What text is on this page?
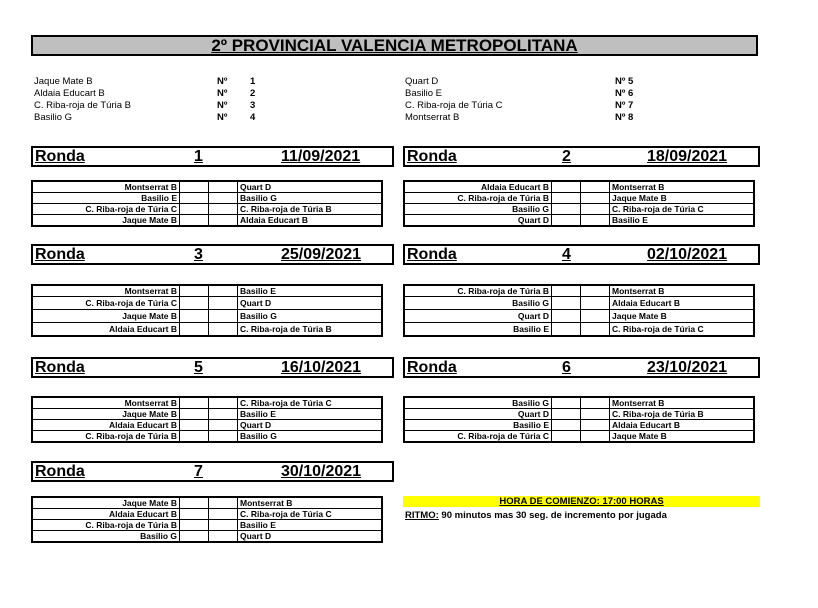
2º PROVINCIAL VALENCIA METROPOLITANA
Jaque Mate B	Nº 1
Aldaia Educart B	Nº 2
C. Riba-roja de Túria B	Nº 3
Basilio G	Nº 4
Quart D	Nº 5
Basilio E	Nº 6
C. Riba-roja de Túria C	Nº 7
Montserrat B	Nº 8
Ronda	1	11/09/2021
Montserrat B			Quart D
Basilio E			Basilio G
C. Riba-roja de Túria C			C. Riba-roja de Túria B
Jaque Mate B			Aldaia Educart B
Ronda	2	18/09/2021
Aldaia Educart B			Montserrat B
C. Riba-roja de Túria B			Jaque Mate B
Basilio G			C. Riba-roja de Túria C
Quart D			Basilio E
Ronda	3	25/09/2021
Montserrat B			Basilio E
C. Riba-roja de Túria C			Quart D
Jaque Mate B			Basilio G
Aldaia Educart B			C. Riba-roja de Túria B
Ronda	4	02/10/2021
C. Riba-roja de Túria B			Montserrat B
Basilio G			Aldaia Educart B
Quart D			Jaque Mate B
Basilio E			C. Riba-roja de Túria C
Ronda	5	16/10/2021
Montserrat B			C. Riba-roja de Túria C
Jaque Mate B			Basilio E
Aldaia Educart B			Quart D
C. Riba-roja de Túria B			Basilio G
Ronda	6	23/10/2021
Basilio G			Montserrat B
Quart D			C. Riba-roja de Túria B
Basilio E			Aldaia Educart B
C. Riba-roja de Túria C			Jaque Mate B
Ronda	7	30/10/2021
Jaque Mate B			Montserrat B
Aldaia Educart B			C. Riba-roja de Túria C
C. Riba-roja de Túria B			Basilio E
Basilio G			Quart D
HORA DE COMIENZO: 17:00 HORAS
RITMO: 90 minutos mas 30 seg. de incremento por jugada
